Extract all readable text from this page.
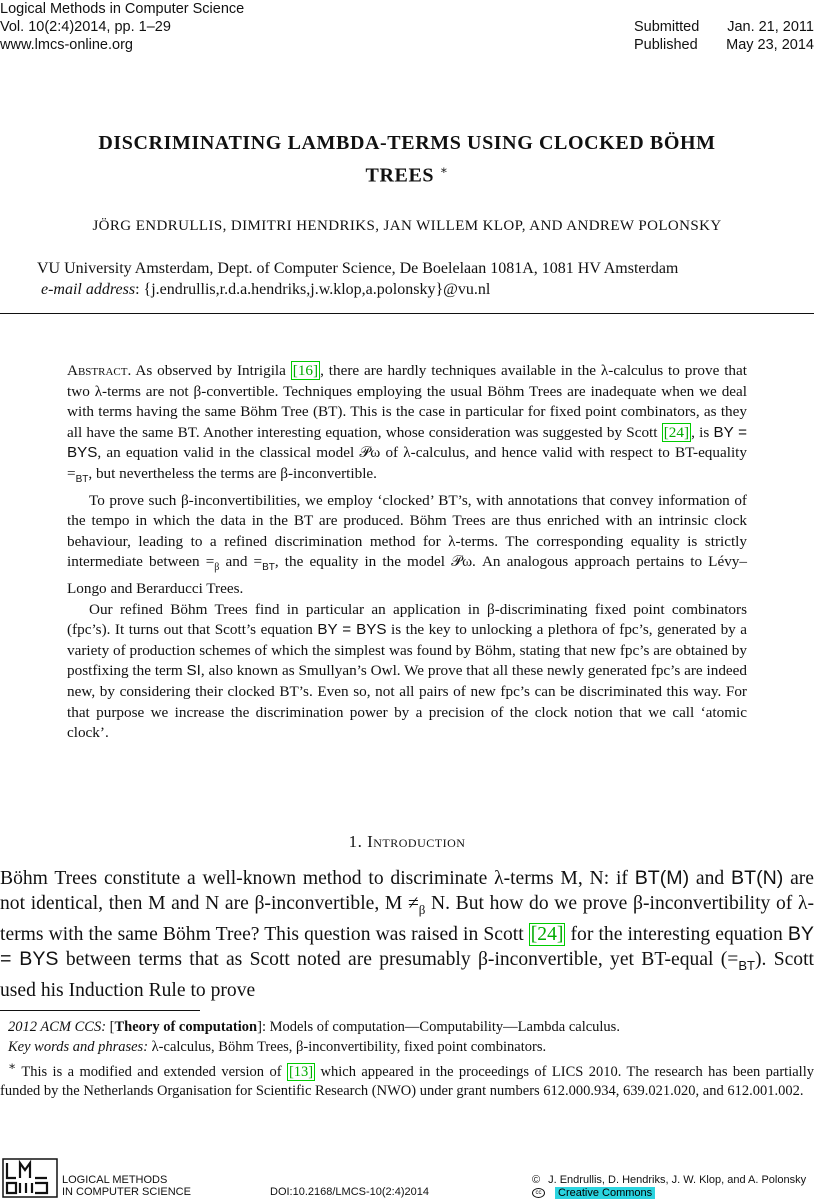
Logical Methods in Computer Science
Vol. 10(2:4)2014, pp. 1–29
www.lmcs-online.org
Submitted Jan. 21, 2011
Published May 23, 2014
DISCRIMINATING LAMBDA-TERMS USING CLOCKED BÖHM
TREES ∗
JÖRG ENDRULLIS, DIMITRI HENDRIKS, JAN WILLEM KLOP, AND ANDREW POLONSKY
VU University Amsterdam, Dept. of Computer Science, De Boelelaan 1081A, 1081 HV Amsterdam
e-mail address: {j.endrullis,r.d.a.hendriks,j.w.klop,a.polonsky}@vu.nl

Abstract. As observed by Intrigila [16] , there are hardly techniques available in the λ-calculus to prove that two λ-terms are not β-convertible. Techniques employing the usual Böhm Trees are inadequate when we deal with terms having the same Böhm Tree (BT). This is the case in particular for fixed point combinators, as they all have the same BT. Another interesting equation, whose consideration was suggested by Scott [24] , is BY = BYS, an equation valid in the classical model 𝒫ω of λ-calculus, and hence valid with respect to BT-equality $=_{BT}$, but nevertheless the terms are β-inconvertible.

To prove such β-inconvertibilities, we employ ‘clocked’ BT’s, with annotations that convey information of the tempo in which the data in the BT are produced. Böhm Trees are thus enriched with an intrinsic clock behaviour, leading to a refined discrimination method for λ-terms. The corresponding equality is strictly intermediate between $=_\beta$ and $=_{BT}$, the equality in the model 𝒫ω. An analogous approach pertains to Lévy–Longo and Berarducci Trees.

Our refined Böhm Trees find in particular an application in β-discriminating fixed point combinators (fpc’s). It turns out that Scott’s equation BY = BYS is the key to unlocking a plethora of fpc’s, generated by a variety of production schemes of which the simplest was found by Böhm, stating that new fpc’s are obtained by postfixing the term SI, also known as Smullyan’s Owl. We prove that all these newly generated fpc’s are indeed new, by considering their clocked BT’s. Even so, not all pairs of new fpc’s can be discriminated this way. For that purpose we increase the discrimination power by a precision of the clock notion that we call ‘atomic clock’.

1. Introduction

Böhm Trees constitute a well-known method to discriminate λ-terms M, N: if BT(M) and BT(N) are not identical, then M and N are β-inconvertible, $M \ne_\beta$ N. But how do we prove β-inconvertibility of λ-terms with the same Böhm Tree? This question was raised in Scott [24] for the interesting equation BY = BYS between terms that as Scott noted are presumably β-inconvertible, yet BT-equal $(=_{BT})$. Scott used his Induction Rule to prove

2012 ACM CCS: [Theory of computation]: Models of computation—Computability—Lambda calculus.

Key words and phrases: λ-calculus, Böhm Trees, β-inconvertibility, fixed point combinators.

∗ This is a modified and extended version of [13] which appeared in the proceedings of LICS 2010. The research has been partially funded by the Netherlands Organisation for Scientific Research (NWO) under grant numbers 612.000.934, 639.021.020, and 612.001.002.

LOGICAL METHODS
IN COMPUTER SCIENCE	DOI:10.2168/LMCS-10(2:4)2014
© J. Endrullis, D. Hendriks, J. W. Klop, and A. Polonsky
cc Creative Commons
